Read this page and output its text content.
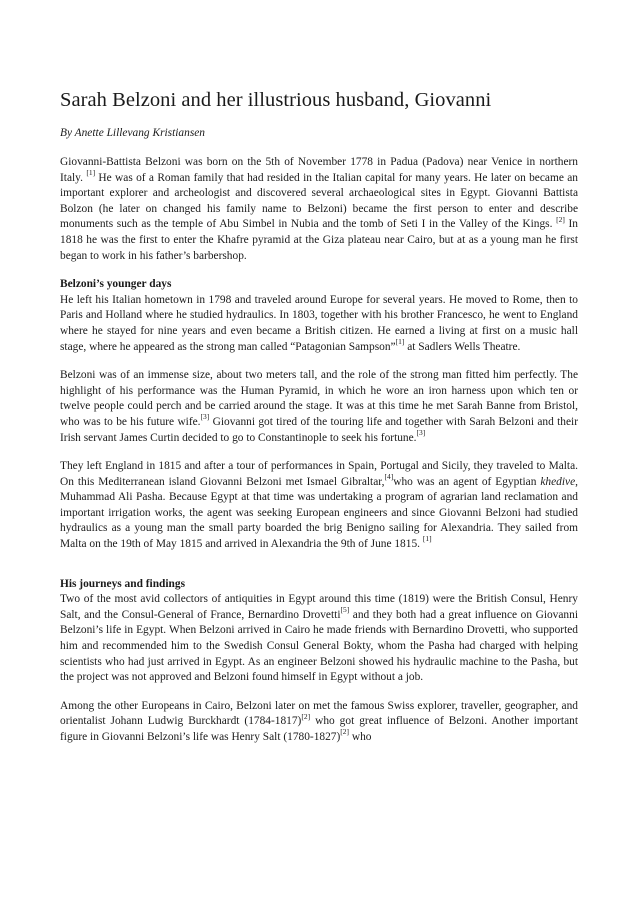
Sarah Belzoni and her illustrious husband, Giovanni
By Anette Lillevang Kristiansen

Giovanni-Battista Belzoni was born on the 5th of November 1778 in Padua (Padova) near Venice in northern Italy. [1] He was of a Roman family that had resided in the Italian capital for many years. He later on became an important explorer and archeologist and discovered several archaeological sites in Egypt. Giovanni Battista Bolzon (he later on changed his family name to Belzoni) became the first person to enter and describe monuments such as the temple of Abu Simbel in Nubia and the tomb of Seti I in the Valley of the Kings. [2] In 1818 he was the first to enter the Khafre pyramid at the Giza plateau near Cairo, but at as a young man he first began to work in his father’s barbershop.

Belzoni’s younger days
He left his Italian hometown in 1798 and traveled around Europe for several years. He moved to Rome, then to Paris and Holland where he studied hydraulics. In 1803, together with his brother Francesco, he went to England where he stayed for nine years and even became a British citizen. He earned a living at first on a music hall stage, where he appeared as the strong man called “Patagonian Sampson”[1] at Sadlers Wells Theatre.

Belzoni was of an immense size, about two meters tall, and the role of the strong man fitted him perfectly. The highlight of his performance was the Human Pyramid, in which he wore an iron harness upon which ten or twelve people could perch and be carried around the stage. It was at this time he met Sarah Banne from Bristol, who was to be his future wife.[3] Giovanni got tired of the touring life and together with Sarah Belzoni and their Irish servant James Curtin decided to go to Constantinople to seek his fortune.[3]

They left England in 1815 and after a tour of performances in Spain, Portugal and Sicily, they traveled to Malta. On this Mediterranean island Giovanni Belzoni met Ismael Gibraltar,[4]who was an agent of Egyptian khedive, Muhammad Ali Pasha. Because Egypt at that time was undertaking a program of agrarian land reclamation and important irrigation works, the agent was seeking European engineers and since Giovanni Belzoni had studied hydraulics as a young man the small party boarded the brig Benigno sailing for Alexandria. They sailed from Malta on the 19th of May 1815 and arrived in Alexandria the 9th of June 1815. [1]

His journeys and findings
Two of the most avid collectors of antiquities in Egypt around this time (1819) were the British Consul, Henry Salt, and the Consul-General of France, Bernardino Drovetti[5] and they both had a great influence on Giovanni Belzoni’s life in Egypt. When Belzoni arrived in Cairo he made friends with Bernardino Drovetti, who supported him and recommended him to the Swedish Consul General Bokty, whom the Pasha had charged with helping scientists who had just arrived in Egypt. As an engineer Belzoni showed his hydraulic machine to the Pasha, but the project was not approved and Belzoni found himself in Egypt without a job.

Among the other Europeans in Cairo, Belzoni later on met the famous Swiss explorer, traveller, geographer, and orientalist Johann Ludwig Burckhardt (1784-1817)[2] who got great influence of Belzoni. Another important figure in Giovanni Belzoni’s life was Henry Salt (1780-1827)[2] who
